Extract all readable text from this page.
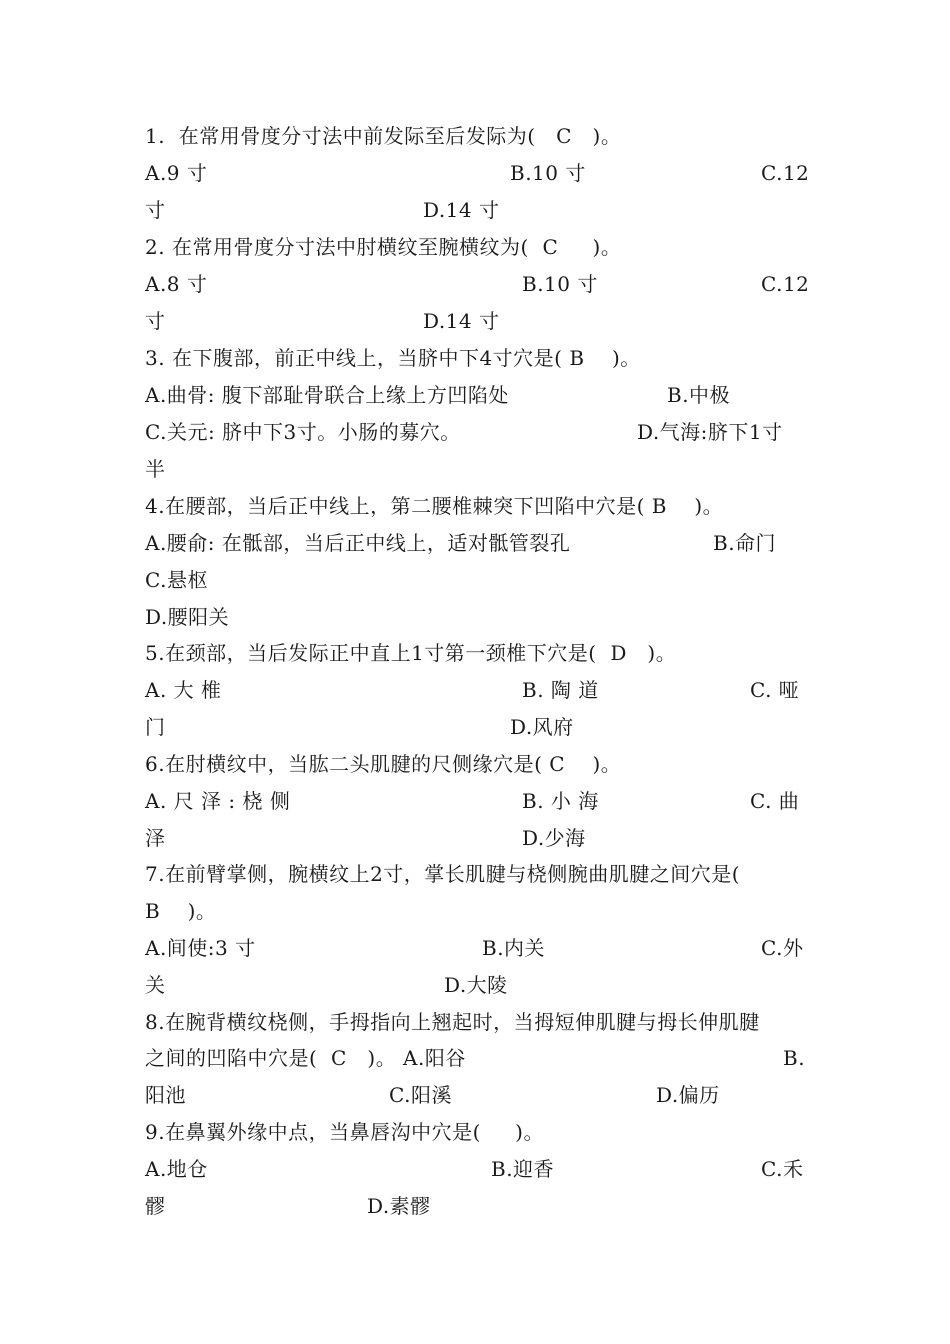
1.  在常用骨度分寸法中前发际至后发际为(   C   )。
A.9 寸	B.10 寸	C.12
寸	D.14 寸
2. 在常用骨度分寸法中肘横纹至腕横纹为(  C     )。
A.8 寸	B.10 寸	C.12
寸	D.14 寸
3. 在下腹部，前正中线上，当脐中下4寸穴是( B    )。
A.曲骨: 腹下部耻骨联合上缘上方凹陷处	B.中极
C.关元: 脐中下3寸。小肠的募穴。	D.气海:脐下1寸
半
4.在腰部，当后正中线上，第二腰椎棘突下凹陷中穴是( B    )。
A.腰俞: 在骶部，当后正中线上，适对骶管裂孔	B.命门
C.悬枢
D.腰阳关
5.在颈部，当后发际正中直上1寸第一颈椎下穴是(  D   )。
A. 大 椎	B. 陶 道	C. 哑
门	D.风府
6.在肘横纹中，当肱二头肌腱的尺侧缘穴是( C    )。
A. 尺 泽 : 桡 侧	B. 小 海	C. 曲
泽	D.少海
7.在前臂掌侧，腕横纹上2寸，掌长肌腱与桡侧腕曲肌腱之间穴是(
B    )。
A.间使:3 寸	B.内关	C.外
关	D.大陵
8.在腕背横纹桡侧，手拇指向上翘起时，当拇短伸肌腱与拇长伸肌腱
之间的凹陷中穴是(  C   )。 A.阳谷	B.
阳池	C.阳溪	D.偏历
9.在鼻翼外缘中点，当鼻唇沟中穴是(     )。
B.迎香
A.地仓	C.禾
髎	D.素髎
